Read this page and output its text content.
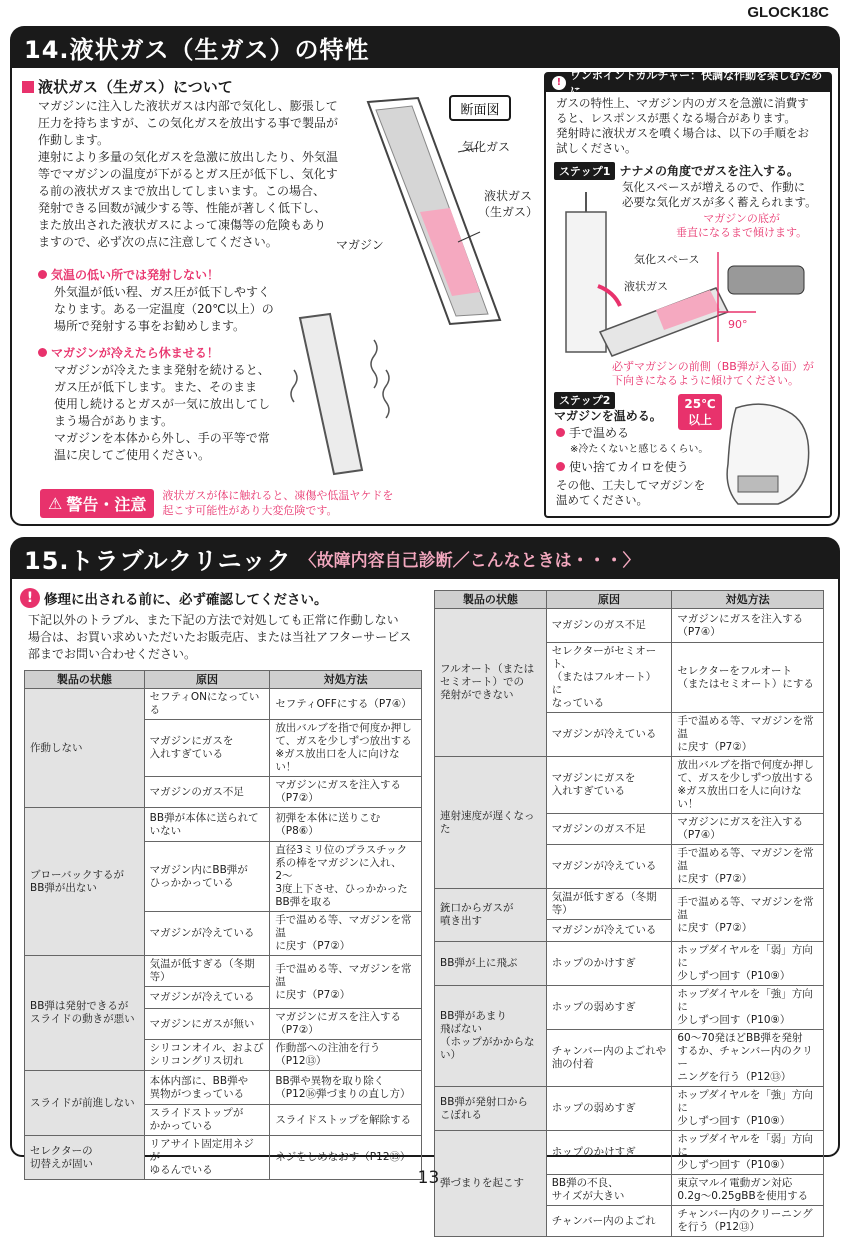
GLOCK18C
14.液状ガス（生ガス）の特性
液状ガス（生ガス）について

マガジンに注入した液状ガスは内部で気化し、膨張して

圧力を持ちますが、この気化ガスを放出する事で製品が

作動します。

連射により多量の気化ガスを急激に放出したり、外気温

等でマガジンの温度が下がるとガス圧が低下し、気化す

る前の液状ガスまで放出してしまいます。この場合、

発射できる回数が減少する等、性能が著しく低下し、

また放出された液状ガスによって凍傷等の危険もあり

ますので、必ず次の点に注意してください。

断面図
気化ガス
液状ガス
（生ガス）
マガジン
気温の低い所では発射しない！

外気温が低い程、ガス圧が低下しやすく

なります。ある一定温度（20℃以上）の

場所で発射する事をお勧めします。

マガジンが冷えたら休ませる！

マガジンが冷えたまま発射を続けると、

ガス圧が低下します。また、そのまま

使用し続けるとガスが一気に放出してし

まう場合があります。

マガジンを本体から外し、手の平等で常

温に戻してご使用ください。

⚠ 警告・注意 液状ガスが体に触れると、凍傷や低温ヤケドを

起こす可能性があり大変危険です。

!
ワンポイントカルチャー：快調な作動を楽しむために

ガスの特性上、マガジン内のガスを急激に消費す

ると、レスポンスが悪くなる場合があります。

発射時に液状ガスを噴く場合は、以下の手順をお

試しください。

ステップ1 ナナメの角度でガスを注入する。

気化スペースが増えるので、作動に

必要な気化ガスが多く蓄えられます。

マガジンの底が

垂直になるまで傾けます。

気化スペース
液状ガス
90°

必ずマガジンの前側（BB弾が入る面）が

下向きになるように傾けてください。

ステップ2
マガジンを温める。
25℃
以上
手で温める
※冷たくないと感じるくらい。
使い捨てカイロを使う

その他、工夫してマガジンを

温めてください。

15.トラブルクリニック 〈故障内容自己診断／こんなときは・・・〉
! 修理に出される前に、必ず確認してください。

下記以外のトラブル、また下記の方法で対処しても正常に作動しない

場合は、お買い求めいただいたお販売店、または当社アフターサービス

部までお問い合わせください。

製品の状態	原因	対処方法
作動しない	セフティONになっている	セフティOFFにする（P7④）
	マガジンにガスを
入れすぎている	放出バルブを指で何度か押し
て、ガスを少しずつ放出する
※ガス放出口を人に向けない！
	マガジンのガス不足	マガジンにガスを注入する
（P7②）
ブローバックするが
BB弾が出ない	BB弾が本体に送られて
いない	初弾を本体に送りこむ
（P8⑥）
	マガジン内にBB弾が
ひっかかっている	直径3ミリ位のプラスチック
系の棒をマガジンに入れ、2〜
3度上下させ、ひっかかった
BB弾を取る
	マガジンが冷えている	手で温める等、マガジンを常温
に戻す（P7②）
BB弾は発射できるが
スライドの動きが悪い	気温が低すぎる（冬期等）	手で温める等、マガジンを常温
に戻す（P7②）
	マガジンが冷えている	
	マガジンにガスが無い	マガジンにガスを注入する（P7②）
	シリコンオイル、および
シリコングリス切れ	作動部への注油を行う
（P12⑬）
スライドが前進しない	本体内部に、BB弾や
異物がつまっている	BB弾や異物を取り除く
（P12⑯弾づまりの直し方）
	スライドストップが
かかっている	スライドストップを解除する
セレクターの
切替えが固い	リアサイト固定用ネジが
ゆるんでいる	ネジをしめなおす（P12⑬）
製品の状態	原因	対処方法
フルオート（または
セミオート）での
発射ができない	マガジンのガス不足	マガジンにガスを注入する
（P7④）
	セレクターがセミオート、
（またはフルオート）に
なっている	セレクターをフルオート
（またはセミオート）にする
	マガジンが冷えている	手で温める等、マガジンを常温
に戻す（P7②）
連射速度が遅くなった	マガジンにガスを
入れすぎている	放出バルブを指で何度か押し
て、ガスを少しずつ放出する
※ガス放出口を人に向けない！
	マガジンのガス不足	マガジンにガスを注入する
（P7④）
	マガジンが冷えている	手で温める等、マガジンを常温
に戻す（P7②）
銃口からガスが
噴き出す	気温が低すぎる（冬期等）	手で温める等、マガジンを常温
に戻す（P7②）
	マガジンが冷えている	
BB弾が上に飛ぶ	ホップのかけすぎ	ホップダイヤルを「弱」方向に
少しずつ回す（P10⑨）
BB弾があまり
飛ばない
（ホップがかからない）	ホップの弱めすぎ	ホップダイヤルを「強」方向に
少しずつ回す（P10⑨）
	チャンバー内のよごれや
油の付着	60〜70発ほどBB弾を発射
するか、チャンバー内のクリー
ニングを行う（P12⑬）
BB弾が発射口から
こぼれる	ホップの弱めすぎ	ホップダイヤルを「強」方向に
少しずつ回す（P10⑨）
弾づまりを起こす	ホップのかけすぎ	ホップダイヤルを「弱」方向に
少しずつ回す（P10⑨）
	BB弾の不良、
サイズが大きい	東京マルイ電動ガン対応
0.2g〜0.25gBBを使用する
	チャンバー内のよごれ	チャンバー内のクリーニング
を行う（P12⑬）
13
